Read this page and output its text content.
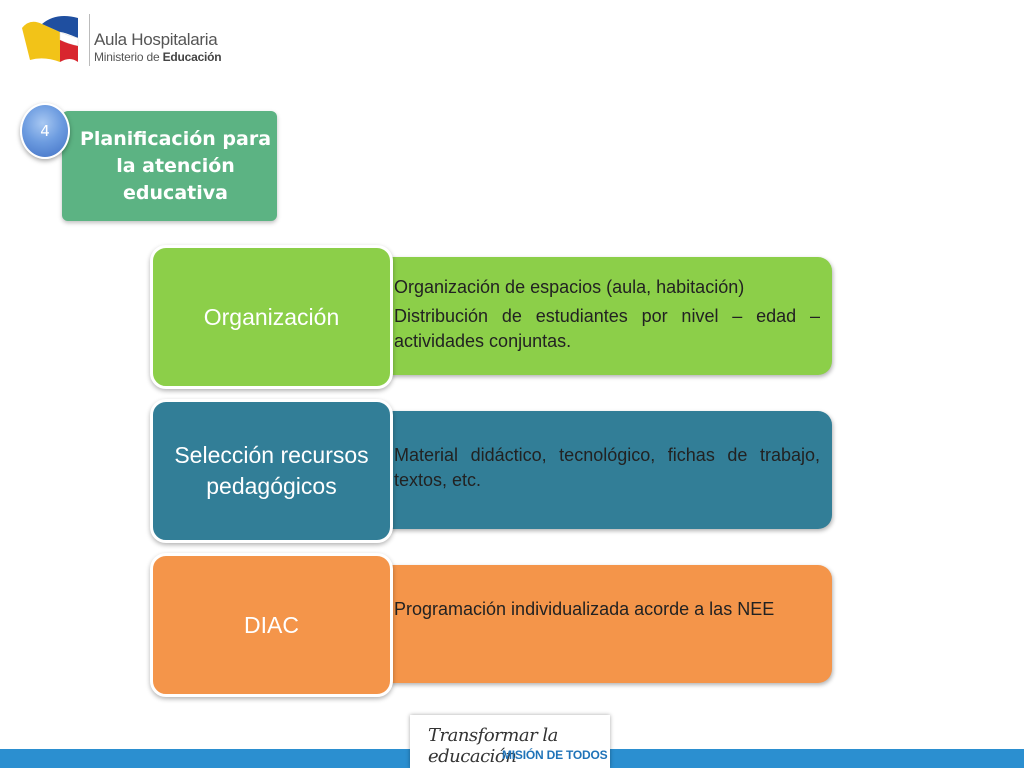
Aula Hospitalaria
Ministerio de Educación
Planificación para la atención educativa
4
• Organización de espacios (aula, habitación)
• Distribución de estudiantes por nivel – edad – actividades conjuntas.
Organización
• Material didáctico, tecnológico, fichas de trabajo, textos, etc.
Selección recursos pedagógicos
• Programación individualizada acorde a las NEE
DIAC
Transformar la educación
MISIÓN DE TODOS
